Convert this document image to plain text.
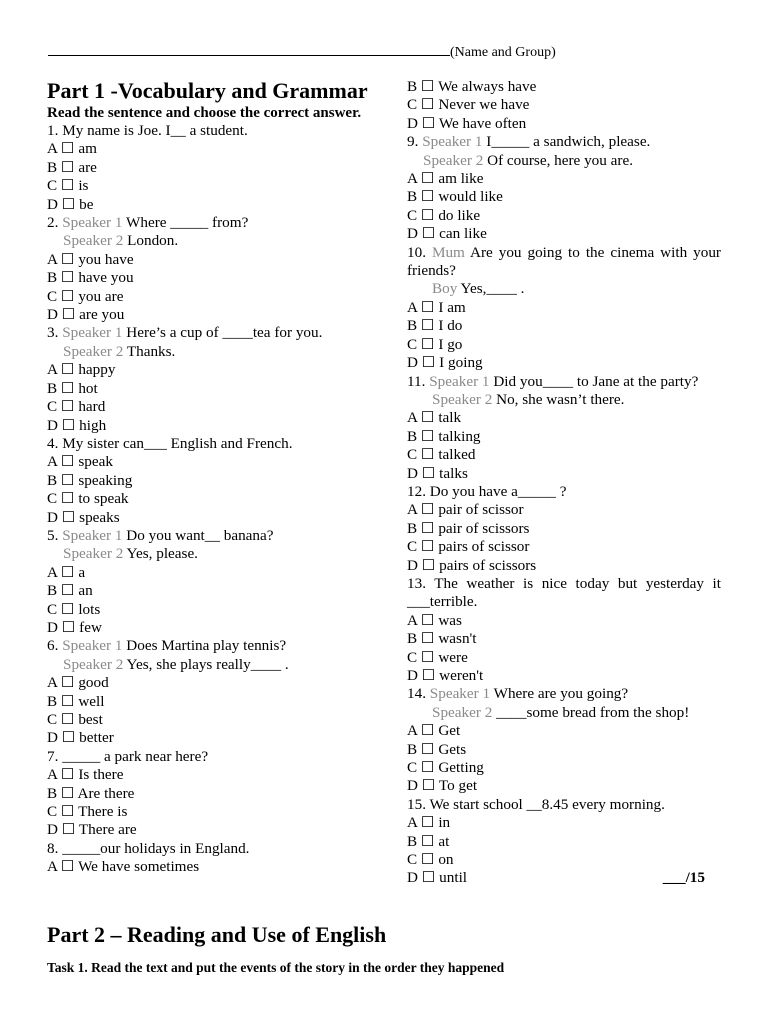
(Name and Group)
Part 1 -Vocabulary and Grammar

Read the sentence and choose the correct answer.

1. My name is Joe. I__ a student.
A ☐ am
B ☐ are
C ☐ is
D ☐ be
2. Speaker 1 Where _____ from?
Speaker 2 London.
A ☐ you have
B ☐ have you
C ☐ you are
D ☐ are you
3. Speaker 1 Here’s a cup of ____tea for you.
Speaker 2 Thanks.
A ☐ happy
B ☐ hot
C ☐ hard
D ☐ high
4. My sister can___ English and French.
A ☐ speak
B ☐ speaking
C ☐ to speak
D ☐ speaks
5. Speaker 1 Do you want__ banana?
Speaker 2 Yes, please.
A ☐ a
B ☐ an
C ☐ lots
D ☐ few
6. Speaker 1 Does Martina play tennis?
Speaker 2 Yes, she plays really____ .
A ☐ good
B ☐ well
C ☐ best
D ☐ better
7. _____ a park near here?
A ☐ Is there
B ☐ Are there
C ☐ There is
D ☐ There are
8. _____our holidays in England.
A ☐ We have sometimes
B ☐ We always have
C ☐ Never we have
D ☐ We have often
9. Speaker 1 I_____ a sandwich, please.
Speaker 2 Of course, here you are.
A ☐ am like
B ☐ would like
C ☐ do like
D ☐ can like
10. Mum Are you going to the cinema with your friends?
Boy Yes,____ .
A ☐ I am
B ☐ I do
C ☐ I go
D ☐ I going
11. Speaker 1 Did you____ to Jane at the party?
Speaker 2 No, she wasn’t there.
A ☐ talk
B ☐ talking
C ☐ talked
D ☐ talks
12. Do you have a_____ ?
A ☐ pair of scissor
B ☐ pair of scissors
C ☐ pairs of scissor
D ☐ pairs of scissors
13. The weather is nice today but yesterday it ___terrible.
A ☐ was
B ☐ wasn't
C ☐ were
D ☐ weren't
14. Speaker 1 Where are you going?
Speaker 2 ____some bread from the shop!
A ☐ Get
B ☐ Gets
C ☐ Getting
D ☐ To get
15. We start school __8.45 every morning.
A ☐ in
B ☐ at
C ☐ on
D ☐ until	___/15
Part 2 – Reading and Use of English
Task 1. Read the text and put the events of the story in the order they happened
